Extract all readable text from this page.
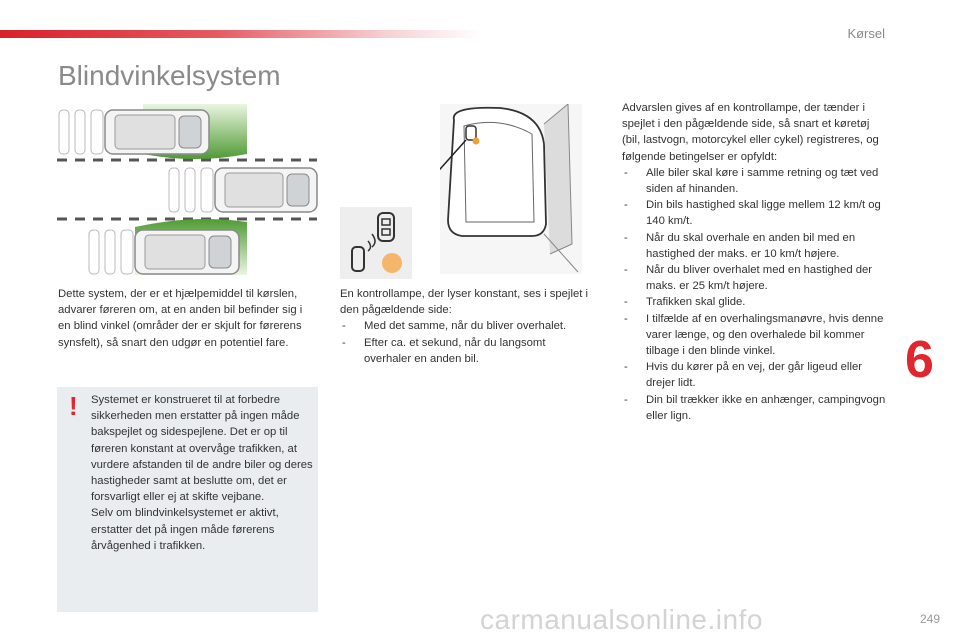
Kørsel
Blindvinkelsystem

Dette system, der er et hjælpemiddel til kørslen, advarer føreren om, at en anden bil befinder sig i en blind vinkel (områder der er skjult for førerens synsfelt), så snart den udgør en potentiel fare.

! Systemet er konstrueret til at forbedre sikkerheden men erstatter på ingen måde bakspejlet og sidespejlene. Det er op til føreren konstant at overvåge trafikken, at vurdere afstanden til de andre biler og deres hastigheder samt at beslutte om, det er forsvarligt eller ej at skifte vejbane.

Selv om blindvinkelsystemet er aktivt, erstatter det på ingen måde førerens årvågenhed i trafikken.

En kontrollampe, der lyser konstant, ses i spejlet i den pågældende side:

- Med det samme, når du bliver overhalet.
- Efter ca. et sekund, når du langsomt overhaler en anden bil.

Advarslen gives af en kontrollampe, der tænder i spejlet i den pågældende side, så snart et køretøj (bil, lastvogn, motorcykel eller cykel) registreres, og følgende betingelser er opfyldt:

- Alle biler skal køre i samme retning og tæt ved siden af hinanden.
- Din bils hastighed skal ligge mellem 12 km/t og 140 km/t.
- Når du skal overhale en anden bil med en hastighed der maks. er 10 km/t højere.
- Når du bliver overhalet med en hastighed der maks. er 25 km/t højere.
- Trafikken skal glide.
- I tilfælde af en overhalingsmanøvre, hvis denne varer længe, og den overhalede bil kommer tilbage i den blinde vinkel.
- Hvis du kører på en vej, der går ligeud eller drejer lidt.
- Din bil trækker ikke en anhænger, campingvogn eller lign.
6
249
carmanualsonline.info
